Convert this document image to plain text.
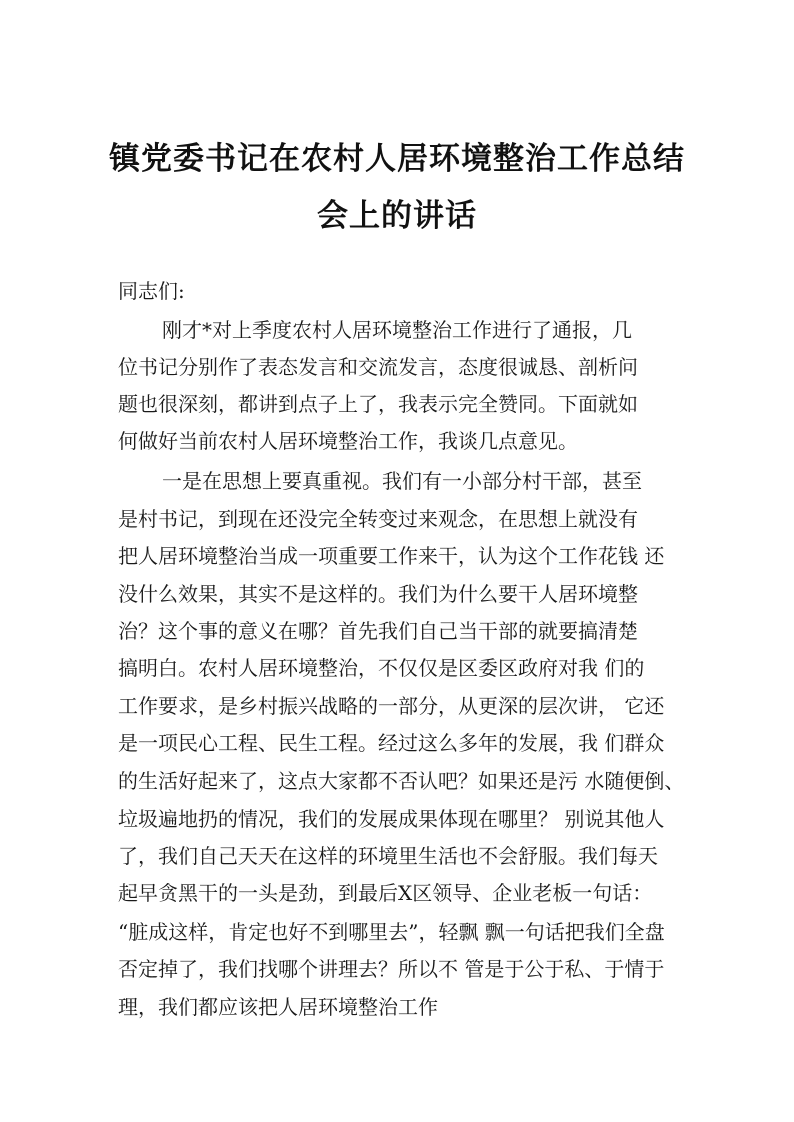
镇党委书记在农村人居环境整治工作总结
会上的讲话
同志们:
刚才*对上季度农村人居环境整治工作进行了通报，几
位书记分别作了表态发言和交流发言，态度很诚恳、剖析问
题也很深刻，都讲到点子上了，我表示完全赞同。下面就如
何做好当前农村人居环境整治工作，我谈几点意见。
一是在思想上要真重视。我们有一小部分村干部，甚至
是村书记，到现在还没完全转变过来观念，在思想上就没有
把人居环境整治当成一项重要工作来干，认为这个工作花钱 还
没什么效果，其实不是这样的。我们为什么要干人居环境整
治？这个事的意义在哪？首先我们自己当干部的就要搞清楚
搞明白。农村人居环境整治，不仅仅是区委区政府对我 们的
工作要求，是乡村振兴战略的一部分，从更深的层次讲， 它还
是一项民心工程、民生工程。经过这么多年的发展，我 们群众
的生活好起来了，这点大家都不否认吧？如果还是污 水随便倒、
垃圾遍地扔的情况，我们的发展成果体现在哪里？ 别说其他人
了，我们自己天天在这样的环境里生活也不会舒服。我们每天
起早贪黑干的一头是劲，到最后X区领导、企业老板一句话：
“脏成这样，肯定也好不到哪里去”，轻飘 飘一句话把我们全盘
否定掉了，我们找哪个讲理去？所以不 管是于公于私、于情于
理，我们都应该把人居环境整治工作
